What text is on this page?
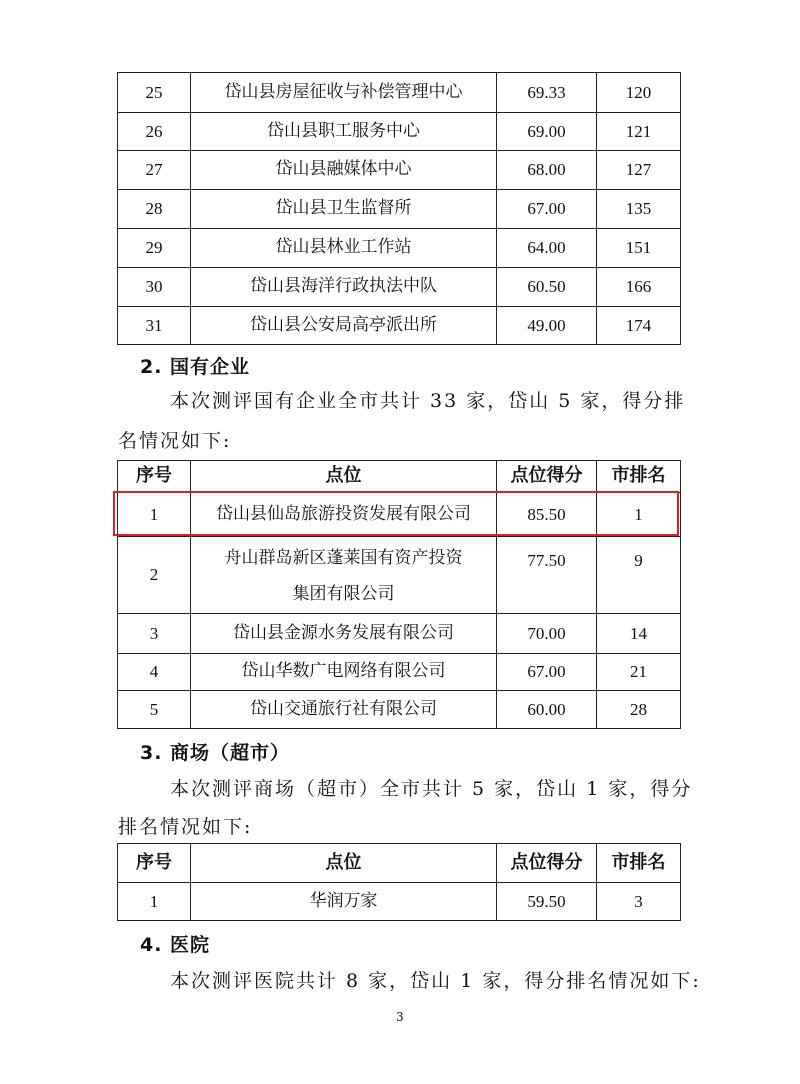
25	岱山县房屋征收与补偿管理中心	69.33	120
26	岱山县职工服务中心	69.00	121
27	岱山县融媒体中心	68.00	127
28	岱山县卫生监督所	67.00	135
29	岱山县林业工作站	64.00	151
30	岱山县海洋行政执法中队	60.50	166
31	岱山县公安局高亭派出所	49.00	174
2. 国有企业
本次测评国有企业全市共计 33 家，岱山 5 家，得分排
名情况如下:
序号	点位	点位得分	市排名
1	岱山县仙岛旅游投资发展有限公司	85.50	1
2	舟山群岛新区蓬莱国有资产投资
集团有限公司	77.50	9
3	岱山县金源水务发展有限公司	70.00	14
4	岱山华数广电网络有限公司	67.00	21
5	岱山交通旅行社有限公司	60.00	28
3. 商场（超市）
本次测评商场（超市）全市共计 5 家，岱山 1 家，得分
排名情况如下:
序号	点位	点位得分	市排名
1	华润万家	59.50	3
4. 医院
本次测评医院共计 8 家，岱山 1 家，得分排名情况如下:
3
